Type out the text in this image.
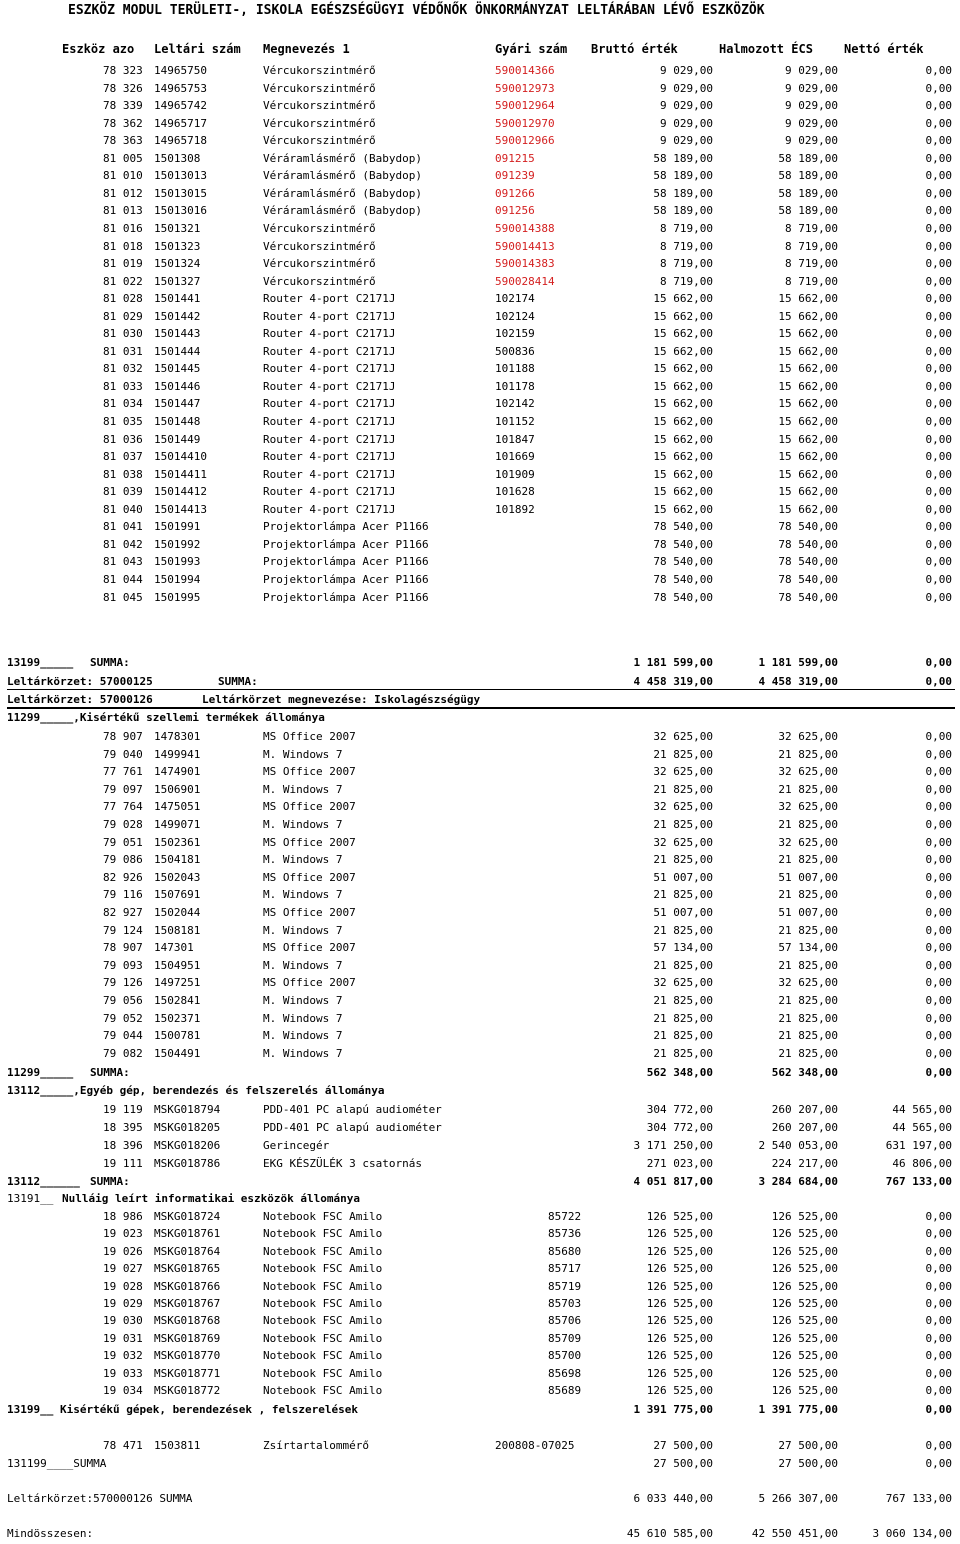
ESZKÖZ MODUL TERÜLETI-, ISKOLA EGÉSZSÉGÜGYI VÉDŐNŐK ÖNKORMÁNYZAT LELTÁRÁBAN LÉVŐ ESZKÖZÖK
Eszköz azo Leltári szám Megnevezés 1	Gyári szám Bruttó érték	Halmozott ÉCS	Nettó érték
78 323 14965750	Vércukorszintmérő	590014366	9 029,00	9 029,00	0,00
78 326 14965753	Vércukorszintmérő	590012973	9 029,00	9 029,00	0,00
78 339 14965742	Vércukorszintmérő	590012964	9 029,00	9 029,00	0,00
78 362 14965717	Vércukorszintmérő	590012970	9 029,00	9 029,00	0,00
78 363 14965718	Vércukorszintmérő	590012966	9 029,00	9 029,00	0,00
81 005 1501308	Véráramlásmérő (Babydop)	091215	58 189,00	58 189,00	0,00
81 010 15013013	Véráramlásmérő (Babydop)	091239	58 189,00	58 189,00	0,00
81 012 15013015	Véráramlásmérő (Babydop)	091266	58 189,00	58 189,00	0,00
81 013 15013016	Véráramlásmérő (Babydop)	091256	58 189,00	58 189,00	0,00
81 016 1501321	Vércukorszintmérő	590014388	8 719,00	8 719,00	0,00
81 018 1501323	Vércukorszintmérő	590014413	8 719,00	8 719,00	0,00
81 019 1501324	Vércukorszintmérő	590014383	8 719,00	8 719,00	0,00
81 022 1501327	Vércukorszintmérő	590028414	8 719,00	8 719,00	0,00
81 028 1501441	Router 4-port C2171J	102174	15 662,00	15 662,00	0,00
81 029 1501442	Router 4-port C2171J	102124	15 662,00	15 662,00	0,00
81 030 1501443	Router 4-port C2171J	102159	15 662,00	15 662,00	0,00
81 031 1501444	Router 4-port C2171J	500836	15 662,00	15 662,00	0,00
81 032 1501445	Router 4-port C2171J	101188	15 662,00	15 662,00	0,00
81 033 1501446	Router 4-port C2171J	101178	15 662,00	15 662,00	0,00
81 034 1501447	Router 4-port C2171J	102142	15 662,00	15 662,00	0,00
81 035 1501448	Router 4-port C2171J	101152	15 662,00	15 662,00	0,00
81 036 1501449	Router 4-port C2171J	101847	15 662,00	15 662,00	0,00
81 037 15014410	Router 4-port C2171J	101669	15 662,00	15 662,00	0,00
81 038 15014411	Router 4-port C2171J	101909	15 662,00	15 662,00	0,00
81 039 15014412	Router 4-port C2171J	101628	15 662,00	15 662,00	0,00
81 040 15014413	Router 4-port C2171J	101892	15 662,00	15 662,00	0,00
81 041 1501991	Projektorlámpa Acer P1166	78 540,00	78 540,00	0,00
81 042 1501992	Projektorlámpa Acer P1166	78 540,00	78 540,00	0,00
81 043 1501993	Projektorlámpa Acer P1166	78 540,00	78 540,00	0,00
81 044 1501994	Projektorlámpa Acer P1166	78 540,00	78 540,00	0,00
81 045 1501995	Projektorlámpa Acer P1166	78 540,00	78 540,00	0,00
13199_____ SUMMA:	1 181 599,00	1 181 599,00	0,00
Leltárkörzet: 57000125	SUMMA:	4 458 319,00	4 458 319,00	0,00
Leltárkörzet: 57000126	Leltárkörzet megnevezése: Iskolagészségügy
11299_____,Kisértékű szellemi termékek állománya
78 907 1478301	MS Office 2007	32 625,00	32 625,00	0,00
79 040 1499941	M. Windows 7	21 825,00	21 825,00	0,00
77 761 1474901	MS Office 2007	32 625,00	32 625,00	0,00
79 097 1506901	M. Windows 7	21 825,00	21 825,00	0,00
77 764 1475051	MS Office 2007	32 625,00	32 625,00	0,00
79 028 1499071	M. Windows 7	21 825,00	21 825,00	0,00
79 051 1502361	MS Office 2007	32 625,00	32 625,00	0,00
79 086 1504181	M. Windows 7	21 825,00	21 825,00	0,00
82 926 1502043	MS Office 2007	51 007,00	51 007,00	0,00
79 116 1507691	M. Windows 7	21 825,00	21 825,00	0,00
82 927 1502044	MS Office 2007	51 007,00	51 007,00	0,00
79 124 1508181	M. Windows 7	21 825,00	21 825,00	0,00
78 907 147301	MS Office 2007	57 134,00	57 134,00	0,00
79 093 1504951	M. Windows 7	21 825,00	21 825,00	0,00
79 126 1497251	MS Office 2007	32 625,00	32 625,00	0,00
79 056 1502841	M. Windows 7	21 825,00	21 825,00	0,00
79 052 1502371	M. Windows 7	21 825,00	21 825,00	0,00
79 044 1500781	M. Windows 7	21 825,00	21 825,00	0,00
79 082 1504491	M. Windows 7	21 825,00	21 825,00	0,00
11299_____ SUMMA:	562 348,00	562 348,00	0,00
13112_____,Egyéb gép, berendezés és felszerelés állománya
19 119 MSKG018794	PDD-401 PC alapú audiométer	304 772,00	260 207,00	44 565,00
18 395 MSKG018205	PDD-401 PC alapú audiométer	304 772,00	260 207,00	44 565,00
18 396 MSKG018206	Gerincegér	3 171 250,00	2 540 053,00	631 197,00
19 111 MSKG018786	EKG KÉSZÜLÉK 3 csatornás	271 023,00	224 217,00	46 806,00
13112______ SUMMA:	4 051 817,00	3 284 684,00	767 133,00
13191__ Nulláig leírt informatikai eszközök állománya
18 986 MSKG018724	Notebook FSC Amilo	85722	126 525,00	126 525,00	0,00
19 023 MSKG018761	Notebook FSC Amilo	85736	126 525,00	126 525,00	0,00
19 026 MSKG018764	Notebook FSC Amilo	85680	126 525,00	126 525,00	0,00
19 027 MSKG018765	Notebook FSC Amilo	85717	126 525,00	126 525,00	0,00
19 028 MSKG018766	Notebook FSC Amilo	85719	126 525,00	126 525,00	0,00
19 029 MSKG018767	Notebook FSC Amilo	85703	126 525,00	126 525,00	0,00
19 030 MSKG018768	Notebook FSC Amilo	85706	126 525,00	126 525,00	0,00
19 031 MSKG018769	Notebook FSC Amilo	85709	126 525,00	126 525,00	0,00
19 032 MSKG018770	Notebook FSC Amilo	85700	126 525,00	126 525,00	0,00
19 033 MSKG018771	Notebook FSC Amilo	85698	126 525,00	126 525,00	0,00
19 034 MSKG018772	Notebook FSC Amilo	85689	126 525,00	126 525,00	0,00
13199__ Kisértékű gépek, berendezések , felszerelések	1 391 775,00	1 391 775,00	0,00
78 471 1503811	Zsírtartalommérő	200808-07025	27 500,00	27 500,00	0,00
131199____SUMMA	27 500,00	27 500,00	0,00
Leltárkörzet:570000126 SUMMA	6 033 440,00	5 266 307,00	767 133,00
Mindösszesen:	45 610 585,00	42 550 451,00	3 060 134,00
